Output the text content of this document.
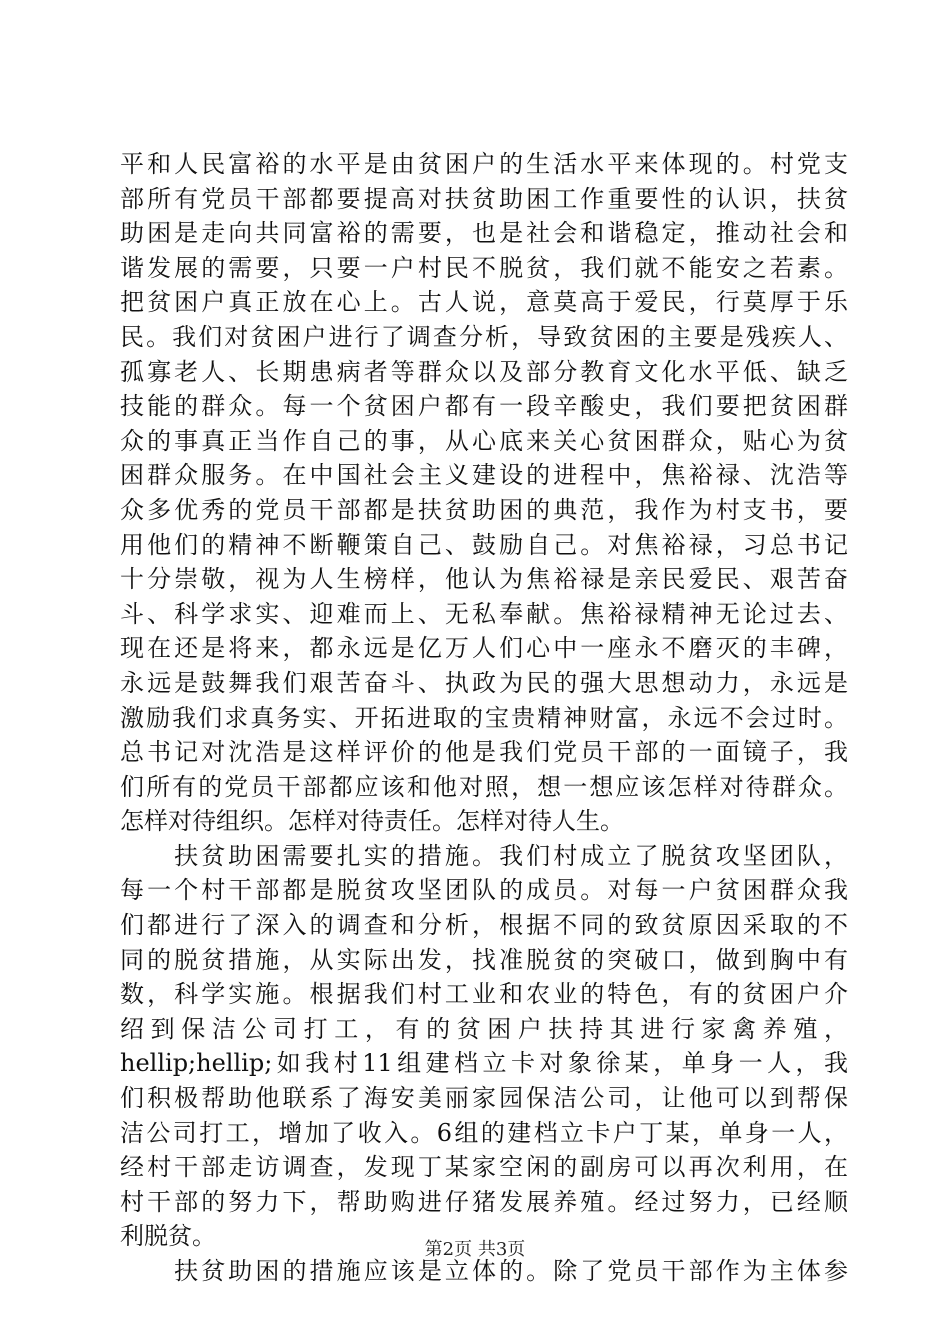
平和人民富裕的水平是由贫困户的生活水平来体现的。村党支
部所有党员干部都要提高对扶贫助困工作重要性的认识，扶贫
助困是走向共同富裕的需要，也是社会和谐稳定，推动社会和
谐发展的需要，只要一户村民不脱贫，我们就不能安之若素。
把贫困户真正放在心上。古人说，意莫高于爱民，行莫厚于乐
民。我们对贫困户进行了调查分析，导致贫困的主要是残疾人、
孤寡老人、长期患病者等群众以及部分教育文化水平低、缺乏
技能的群众。每一个贫困户都有一段辛酸史，我们要把贫困群
众的事真正当作自己的事，从心底来关心贫困群众，贴心为贫
困群众服务。在中国社会主义建设的进程中，焦裕禄、沈浩等
众多优秀的党员干部都是扶贫助困的典范，我作为村支书，要
用他们的精神不断鞭策自己、鼓励自己。对焦裕禄，习总书记
十分崇敬，视为人生榜样，他认为焦裕禄是亲民爱民、艰苦奋
斗、科学求实、迎难而上、无私奉献。焦裕禄精神无论过去、
现在还是将来，都永远是亿万人们心中一座永不磨灭的丰碑，
永远是鼓舞我们艰苦奋斗、执政为民的强大思想动力，永远是
激励我们求真务实、开拓进取的宝贵精神财富，永远不会过时。
总书记对沈浩是这样评价的他是我们党员干部的一面镜子，我
们所有的党员干部都应该和他对照，想一想应该怎样对待群众。
怎样对待组织。怎样对待责任。怎样对待人生。
　　扶贫助困需要扎实的措施。我们村成立了脱贫攻坚团队，
每一个村干部都是脱贫攻坚团队的成员。对每一户贫困群众我
们都进行了深入的调查和分析，根据不同的致贫原因采取的不
同的脱贫措施，从实际出发，找准脱贫的突破口，做到胸中有
数，科学实施。根据我们村工业和农业的特色，有的贫困户介
绍到保洁公司打工，有的贫困户扶持其进行家禽养殖，
hellip;hellip;如我村11组建档立卡对象徐某，单身一人，我
们积极帮助他联系了海安美丽家园保洁公司，让他可以到帮保
洁公司打工，增加了收入。6组的建档立卡户丁某，单身一人，
经村干部走访调查，发现丁某家空闲的副房可以再次利用，在
村干部的努力下，帮助购进仔猪发展养殖。经过努力，已经顺
利脱贫。
　　扶贫助困的措施应该是立体的。除了党员干部作为主体参
第2页 共3页
